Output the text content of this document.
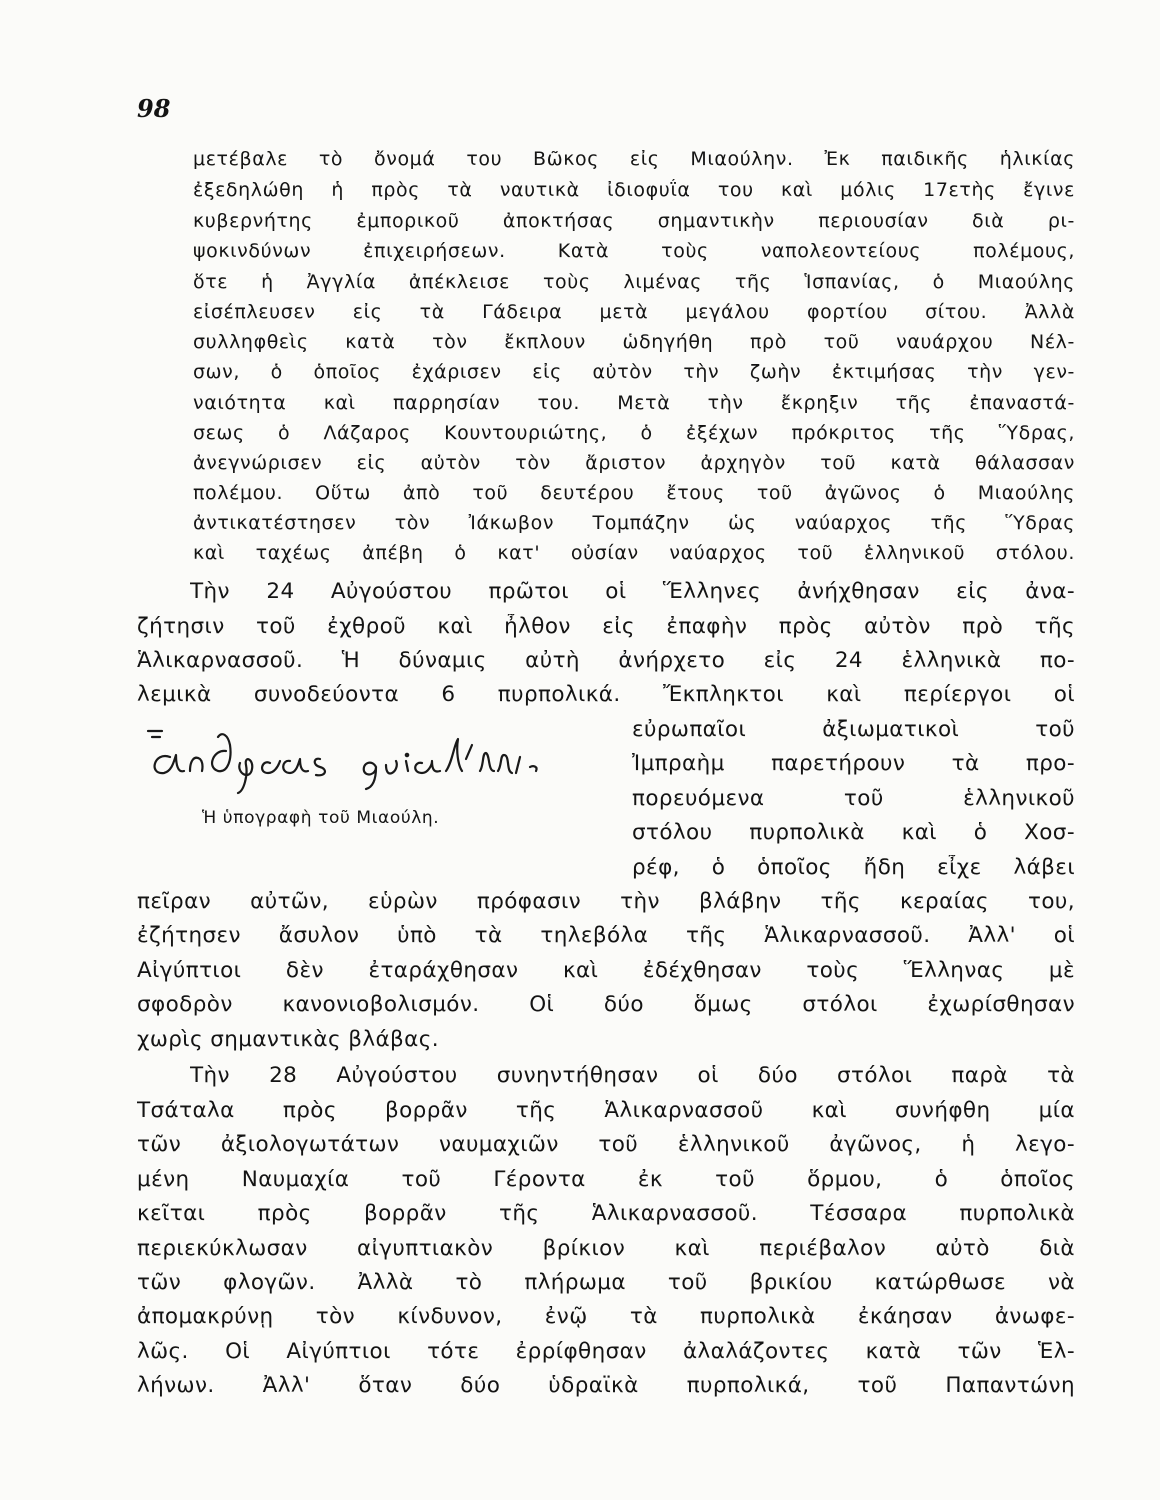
98
μετέβαλε τὸ ὄνομά του Βῶκος εἰς Μιαούλην. Ἐκ παιδικῆς ἡλικίας
ἐξεδηλώθη ἡ πρὸς τὰ ναυτικὰ ἰδιοφυΐα του καὶ μόλις 17ετὴς ἔγινε
κυβερνήτης ἐμπορικοῦ ἀποκτήσας σημαντικὴν περιουσίαν διὰ ρι-
ψοκινδύνων ἐπιχειρήσεων. Κατὰ τοὺς ναπολεοντείους πολέμους,
ὅτε ἡ Ἀγγλία ἀπέκλεισε τοὺς λιμένας τῆς Ἱσπανίας, ὁ Μιαούλης
εἰσέπλευσεν εἰς τὰ Γάδειρα μετὰ μεγάλου φορτίου σίτου. Ἀλλὰ
συλληφθεὶς κατὰ τὸν ἔκπλουν ὡδηγήθη πρὸ τοῦ ναυάρχου Νέλ-
σων, ὁ ὁποῖος ἐχάρισεν εἰς αὐτὸν τὴν ζωὴν ἐκτιμήσας τὴν γεν-
ναιότητα καὶ παρρησίαν του. Μετὰ τὴν ἔκρηξιν τῆς ἐπαναστά-
σεως ὁ Λάζαρος Κουντουριώτης, ὁ ἐξέχων πρόκριτος τῆς Ὕδρας,
ἀνεγνώρισεν εἰς αὐτὸν τὸν ἄριστον ἀρχηγὸν τοῦ κατὰ θάλασσαν
πολέμου. Οὕτω ἀπὸ τοῦ δευτέρου ἔτους τοῦ ἀγῶνος ὁ Μιαούλης
ἀντικατέστησεν τὸν Ἰάκωβον Τομπάζην ὡς ναύαρχος τῆς Ὕδρας
καὶ ταχέως ἀπέβη ὁ κατ' οὐσίαν ναύαρχος τοῦ ἑλληνικοῦ στόλου.
Τὴν 24 Αὐγούστου πρῶτοι οἱ Ἕλληνες ἀνήχθησαν εἰς ἀνα-
ζήτησιν τοῦ ἐχθροῦ καὶ ἦλθον εἰς ἐπαφὴν πρὸς αὐτὸν πρὸ τῆς
Ἁλικαρνασσοῦ. Ἡ δύναμις αὐτὴ ἀνήρχετο εἰς 24 ἑλληνικὰ πο-
λεμικὰ συνοδεύοντα 6 πυρπολικά. Ἔκπληκτοι καὶ περίεργοι οἱ
εὐρωπαῖοι ἀξιωματικοὶ τοῦ
Ἰμπραὴμ παρετήρουν τὰ προ-
πορευόμενα τοῦ ἑλληνικοῦ
στόλου πυρπολικὰ καὶ ὁ Χοσ-
ρέφ, ὁ ὁποῖος ἤδη εἶχε λάβει
πεῖραν αὐτῶν, εὑρὼν πρόφασιν τὴν βλάβην τῆς κεραίας του,
ἐζήτησεν ἄσυλον ὑπὸ τὰ τηλεβόλα τῆς Ἁλικαρνασσοῦ. Ἀλλ' οἱ
Αἰγύπτιοι δὲν ἐταράχθησαν καὶ ἐδέχθησαν τοὺς Ἕλληνας μὲ
σφοδρὸν κανονιοβολισμόν. Οἱ δύο ὅμως στόλοι ἐχωρίσθησαν
χωρὶς σημαντικὰς βλάβας.
Τὴν 28 Αὐγούστου συνηντήθησαν οἱ δύο στόλοι παρὰ τὰ
Τσάταλα πρὸς βορρᾶν τῆς Ἁλικαρνασσοῦ καὶ συνήφθη μία
τῶν ἀξιολογωτάτων ναυμαχιῶν τοῦ ἑλληνικοῦ ἀγῶνος, ἡ λεγο-
μένη Ναυμαχία τοῦ Γέροντα ἐκ τοῦ ὅρμου, ὁ ὁποῖος
κεῖται πρὸς βορρᾶν τῆς Ἁλικαρνασσοῦ. Τέσσαρα πυρπολικὰ
περιεκύκλωσαν αἰγυπτιακὸν βρίκιον καὶ περιέβαλον αὐτὸ διὰ
τῶν φλογῶν. Ἀλλὰ τὸ πλήρωμα τοῦ βρικίου κατώρθωσε νὰ
ἀπομακρύνῃ τὸν κίνδυνον, ἐνῷ τὰ πυρπολικὰ ἐκάησαν ἀνωφε-
λῶς. Οἱ Αἰγύπτιοι τότε ἐρρίφθησαν ἀλαλάζοντες κατὰ τῶν Ἑλ-
λήνων. Ἀλλ' ὅταν δύο ὑδραϊκὰ πυρπολικά, τοῦ Παπαντώνη
Ἡ ὑπογραφὴ τοῦ Μιαούλη.
